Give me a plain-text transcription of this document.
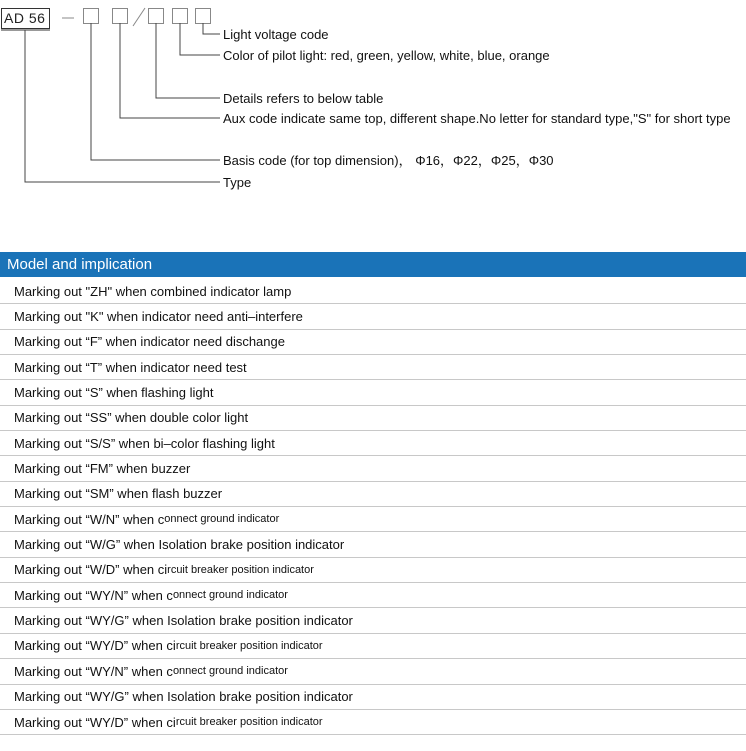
AD 56
Light voltage code
Color of pilot light: red, green, yellow, white, blue, orange
Details refers to below table
Aux code indicate same top, different shape.No letter for standard type,"S" for short type
Basis code (for top dimension)， Φ16，Φ22，Φ25，Φ30
Type
Model and implication
Marking out "ZH" when combined indicator lamp
Marking out "K" when indicator need anti–interfere
Marking out “F” when indicator need dischange
Marking out “T” when indicator need test
Marking out “S” when flashing light
Marking out “SS” when double color light
Marking out “S/S” when bi–color flashing light
Marking out “FM” when buzzer
Marking out “SM” when flash buzzer
Marking out “W/N” when c onnect ground indicator
Marking out “W/G” when Isolation brake position indicator
Marking out “W/D” when ci rcuit breaker position indicator
Marking out “WY/N” when c onnect ground indicator
Marking out “WY/G” when Isolation brake position indicator
Marking out “WY/D” when ci rcuit breaker position indicator
Marking out “WY/N” when c onnect ground indicator
Marking out “WY/G” when Isolation brake position indicator
Marking out “WY/D” when ci rcuit breaker position indicator
